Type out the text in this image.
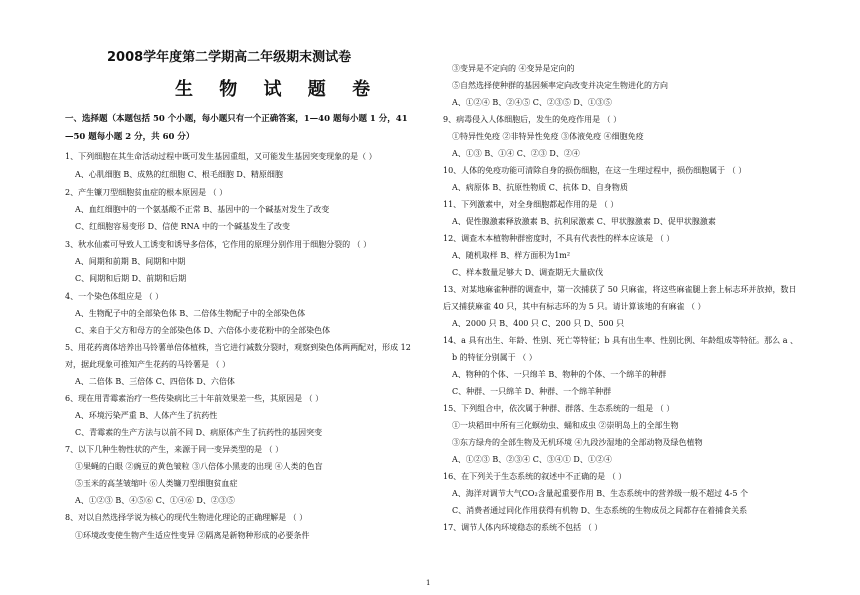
2008学年度第二学期高二年级期末测试卷
生 物 试 题 卷
一、选择题（本题包括 50 个小题，每小题只有一个正确答案，1—40 题每小题 1 分，41
—50 题每小题 2 分，共 60 分）
1、下列细胞在其生命活动过程中既可发生基因重组，又可能发生基因突变现象的是（ ）
A、心肌细胞 B、成熟的红细胞 C、根毛细胞 D、精原细胞
2、产生镰刀型细胞贫血症的根本原因是 （ ）
A、血红细胞中的一个氨基酸不正常 B、基因中的一个碱基对发生了改变
C、红细胞容易变形 D、信使 RNA 中的一个碱基发生了改变
3、秋水仙素可导致人工诱变和诱导多倍体，它作用的原理分别作用于细胞分裂的 （ ）
A、间期和前期 B、间期和中期
C、间期和后期 D、前期和后期
4、一个染色体组应是 （ ）
A、生物配子中的全部染色体 B、二倍体生物配子中的全部染色体
C、来自于父方和母方的全部染色体 D、六倍体小麦花粉中的全部染色体
5、用花药离体培养出马铃薯单倍体植株，当它进行减数分裂时，观察到染色体两两配对，形成 12
对，据此现象可推知产生花药的马铃薯是 （ ）
A、二倍体 B、三倍体 C、四倍体 D、六倍体
6、现在用青霉素治疗一些传染病比三十年前效果差一些，其原因是 （ ）
A、环境污染严重 B、人体产生了抗药性
C、青霉素的生产方法与以前不同 D、病原体产生了抗药性的基因突变
7、以下几种生物性状的产生，来源于同一变异类型的是 （ ）
①果蝇的白眼 ②豌豆的黄色皱粒 ③八倍体小黑麦的出现 ④人类的色盲
⑤玉米的高茎皱缩叶 ⑥人类镰刀型细胞贫血症
A、①②③ B、④⑤⑥ C、①④⑥ D、②③⑤
8、对以自然选择学说为核心的现代生物进化理论的正确理解是 （ ）
①环境改变使生物产生适应性变异 ②隔离是新物种形成的必要条件
③变异是不定向的 ④变异是定向的
⑤自然选择使种群的基因频率定向改变并决定生物进化的方向
A、①②④ B、②④⑤ C、②③⑤ D、①③⑤
9、病毒侵入人体细胞后，发生的免疫作用是 （ ）
①特异性免疫 ②非特异性免疫 ③体液免疫 ④细胞免疫
A、①③ B、①④ C、②③ D、②④
10、人体的免疫功能可清除自身的损伤细胞，在这一生理过程中，损伤细胞属于 （ ）
A、病原体 B、抗原性物质 C、抗体 D、自身物质
11、下列激素中，对全身细胞都起作用的是 （ ）
A、促性腺激素释放激素 B、抗利尿激素 C、甲状腺激素 D、促甲状腺激素
12、调查木本植物种群密度时，不具有代表性的样本应该是 （ ）
A、随机取样 B、样方面积为1m²
C、样本数量足够大 D、调查期无大量砍伐
13、对某地麻雀种群的调查中，第一次捕获了 50 只麻雀，将这些麻雀腿上套上标志环并放掉，数日
后又捕获麻雀 40 只，其中有标志环的为 5 只。请计算该地的有麻雀 （ ）
A、2000 只 B、400 只 C、200 只 D、500 只
14、a 具有出生、年龄、性别、死亡等特征；b 具有出生率、性别比例、年龄组成等特征。那么 a 、
b 的特征分别属于 （ ）
A、物种的个体、一只绵羊 B、物种的个体、一个绵羊的种群
C、种群、一只绵羊 D、种群、一个绵羊种群
15、下列组合中，依次属于种群、群落、生态系统的一组是 （ ）
①一块稻田中所有三化螟幼虫、蛹和成虫 ②崇明岛上的全部生物
③东方绿舟的全部生物及无机环境 ④九段沙湿地的全部动物及绿色植物
A、①②③ B、②③④ C、③④① D、①②④
16、在下列关于生态系统的叙述中不正确的是 （ ）
A、海洋对调节大气CO₂含量起重要作用 B、生态系统中的营养级一般不超过 4-5 个
C、消费者通过同化作用获得有机物 D、生态系统的生物成员之间都存在着捕食关系
17、调节人体内环境稳态的系统不包括 （ ）
1
